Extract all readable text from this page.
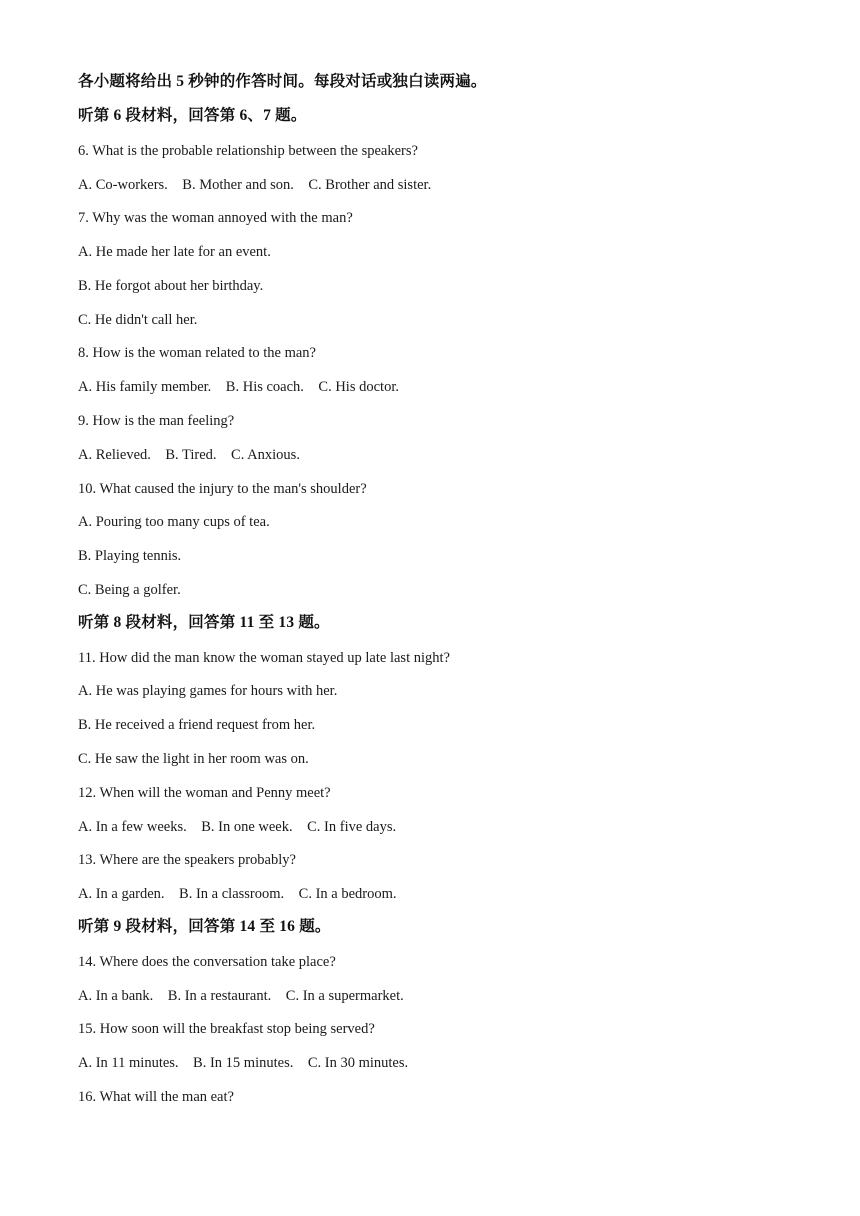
各小题将给出 5 秒钟的作答时间。每段对话或独白读两遍。
听第 6 段材料，回答第 6、7 题。
6. What is the probable relationship between the speakers?
A. Co-workers.    B. Mother and son.    C. Brother and sister.
7. Why was the woman annoyed with the man?
A. He made her late for an event.
B. He forgot about her birthday.
C. He didn't call her.
8. How is the woman related to the man?
A. His family member.    B. His coach.    C. His doctor.
9. How is the man feeling?
A. Relieved.    B. Tired.    C. Anxious.
10. What caused the injury to the man's shoulder?
A. Pouring too many cups of tea.
B. Playing tennis.
C. Being a golfer.
听第 8 段材料，回答第 11 至 13 题。
11. How did the man know the woman stayed up late last night?
A. He was playing games for hours with her.
B. He received a friend request from her.
C. He saw the light in her room was on.
12. When will the woman and Penny meet?
A. In a few weeks.    B. In one week.    C. In five days.
13. Where are the speakers probably?
A. In a garden.    B. In a classroom.    C. In a bedroom.
听第 9 段材料，回答第 14 至 16 题。
14. Where does the conversation take place?
A. In a bank.    B. In a restaurant.    C. In a supermarket.
15. How soon will the breakfast stop being served?
A. In 11 minutes.    B. In 15 minutes.    C. In 30 minutes.
16. What will the man eat?
